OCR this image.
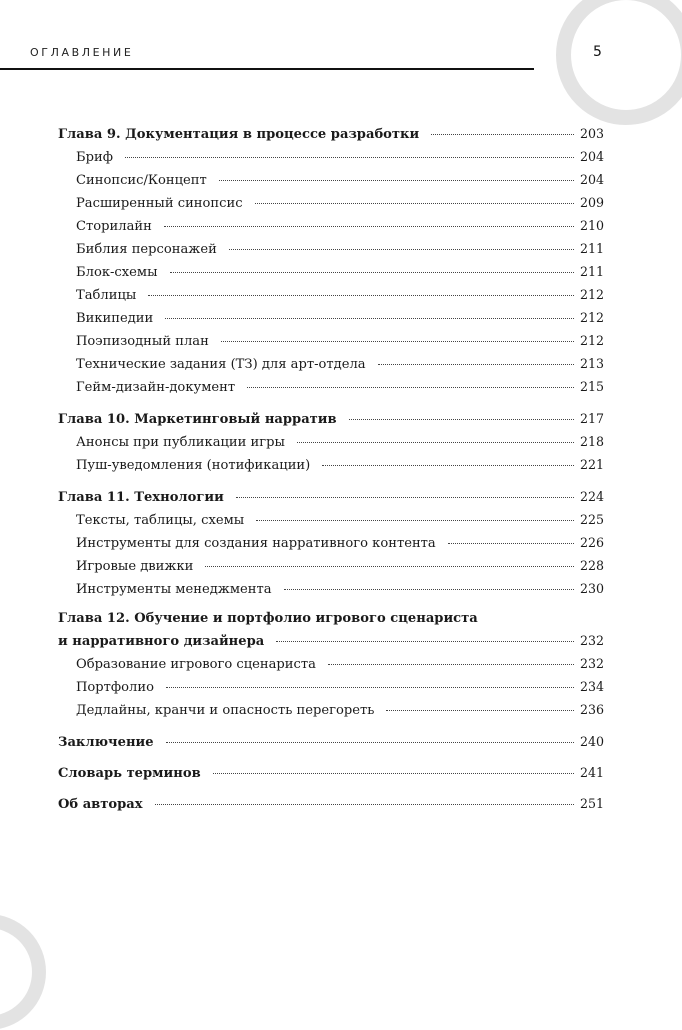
ОГЛАВЛЕНИЕ	5
Глава 9. Документация в процессе разработки	203
Бриф	204
Синопсис/Концепт	204
Расширенный синопсис	209
Сторилайн	210
Библия персонажей	211
Блок-схемы	211
Таблицы	212
Википедии	212
Поэпизодный план	212
Технические задания (ТЗ) для арт-отдела	213
Гейм-дизайн-документ	215
Глава 10. Маркетинговый нарратив	217
Анонсы при публикации игры	218
Пуш-уведомления (нотификации)	221
Глава 11. Технологии	224
Тексты, таблицы, схемы	225
Инструменты для создания нарративного контента	226
Игровые движки	228
Инструменты менеджмента	230
Глава 12. Обучение и портфолио игрового сценариста
и нарративного дизайнера	232
Образование игрового сценариста	232
Портфолио	234
Дедлайны, кранчи и опасность перегореть	236
Заключение	240
Словарь терминов	241
Об авторах	251
